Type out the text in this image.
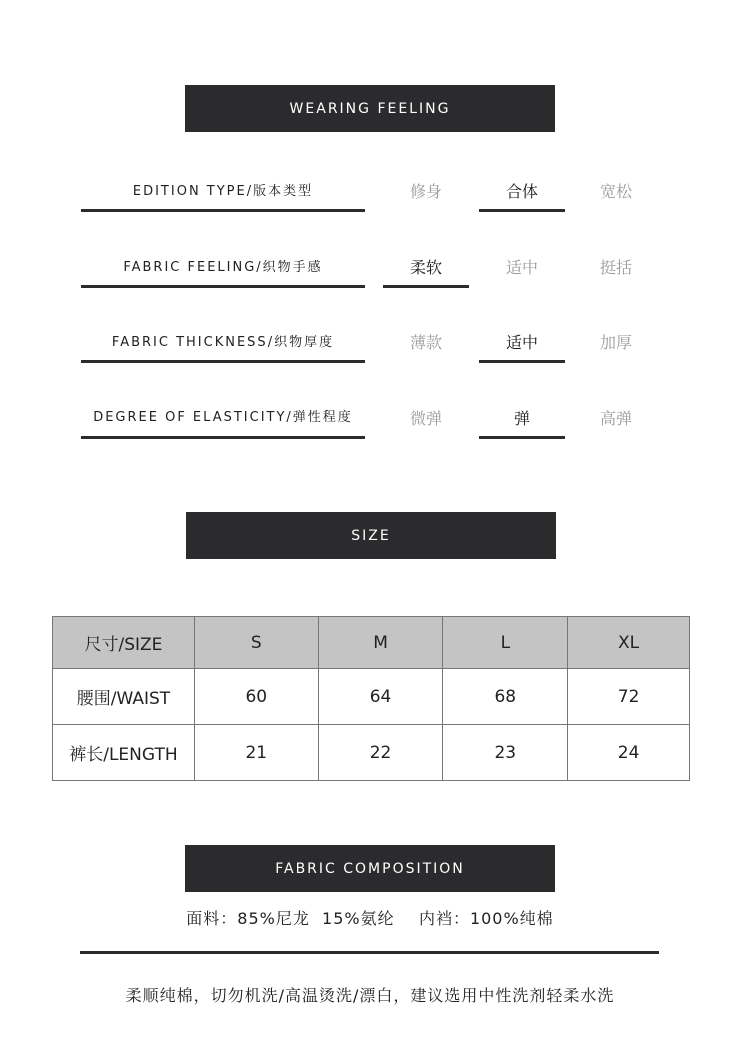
WEARING FEELING
EDITION TYPE/版本类型	修身	合体	宽松
FABRIC FEELING/织物手感	柔软	适中	挺括
FABRIC THICKNESS/织物厚度	薄款	适中	加厚
DEGREE OF ELASTICITY/弹性程度	微弹	弹	高弹
SIZE
尺寸/SIZE	S	M	L	XL
腰围/WAIST	60	64	68	72
裤长/LENGTH	21	22	23	24
FABRIC COMPOSITION
面料：85%尼龙  15%氨纶    内裆：100%纯棉
柔顺纯棉，切勿机洗/高温烫洗/漂白，建议选用中性洗剂轻柔水洗
